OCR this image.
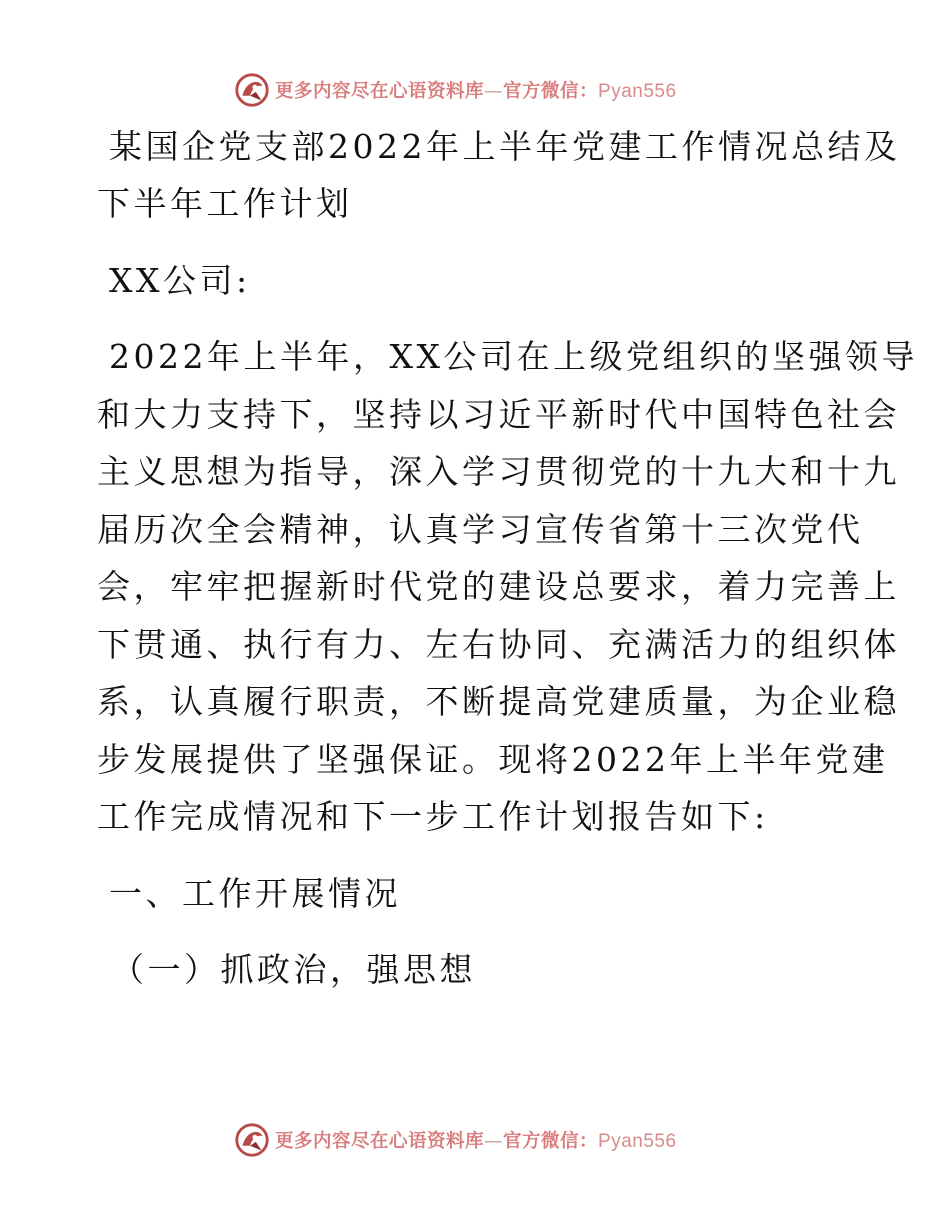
更多内容尽在心语资料库—官方微信：Pyan556
某国企党支部2022年上半年党建工作情况总结及
下半年工作计划
XX公司:
2022年上半年，XX公司在上级党组织的坚强领导
和大力支持下，坚持以习近平新时代中国特色社会
主义思想为指导，深入学习贯彻党的十九大和十九
届历次全会精神，认真学习宣传省第十三次党代
会，牢牢把握新时代党的建设总要求，着力完善上
下贯通、执行有力、左右协同、充满活力的组织体
系，认真履行职责，不断提高党建质量，为企业稳
步发展提供了坚强保证。现将2022年上半年党建
工作完成情况和下一步工作计划报告如下:
一、工作开展情况
（一）抓政治，强思想
更多内容尽在心语资料库—官方微信：Pyan556
